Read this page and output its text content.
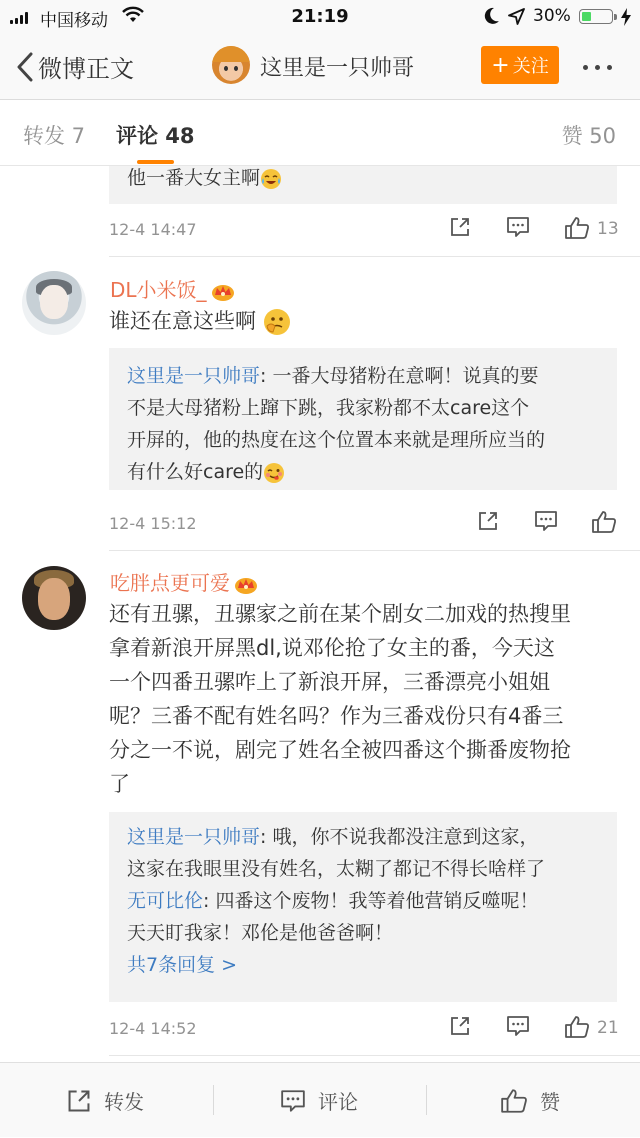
中国移动	21:19	30%
微博正文	这里是一只帅哥	+ 关注
转发 7 评论 48	赞 50
他一番大女主啊
12-4 14:47	13
DL小米饭_
谁还在意这些啊
这里是一只帅哥: 一番大母猪粉在意啊！说真的要
不是大母猪粉上蹿下跳，我家粉都不太care这个
开屏的，他的热度在这个位置本来就是理所应当的
有什么好care的
12-4 15:12
吃胖点更可爱
还有丑骡，丑骡家之前在某个剧女二加戏的热搜里
拿着新浪开屏黑dl,说邓伦抢了女主的番，今天这
一个四番丑骡咋上了新浪开屏，三番漂亮小姐姐
呢？三番不配有姓名吗？作为三番戏份只有4番三
分之一不说，剧完了姓名全被四番这个撕番废物抢
了
这里是一只帅哥: 哦，你不说我都没注意到这家，
这家在我眼里没有姓名，太糊了都记不得长啥样了
无可比伦: 四番这个废物！我等着他营销反噬呢！
天天盯我家！邓伦是他爸爸啊！
共7条回复 >
12-4 14:52	21
转发	评论	赞
